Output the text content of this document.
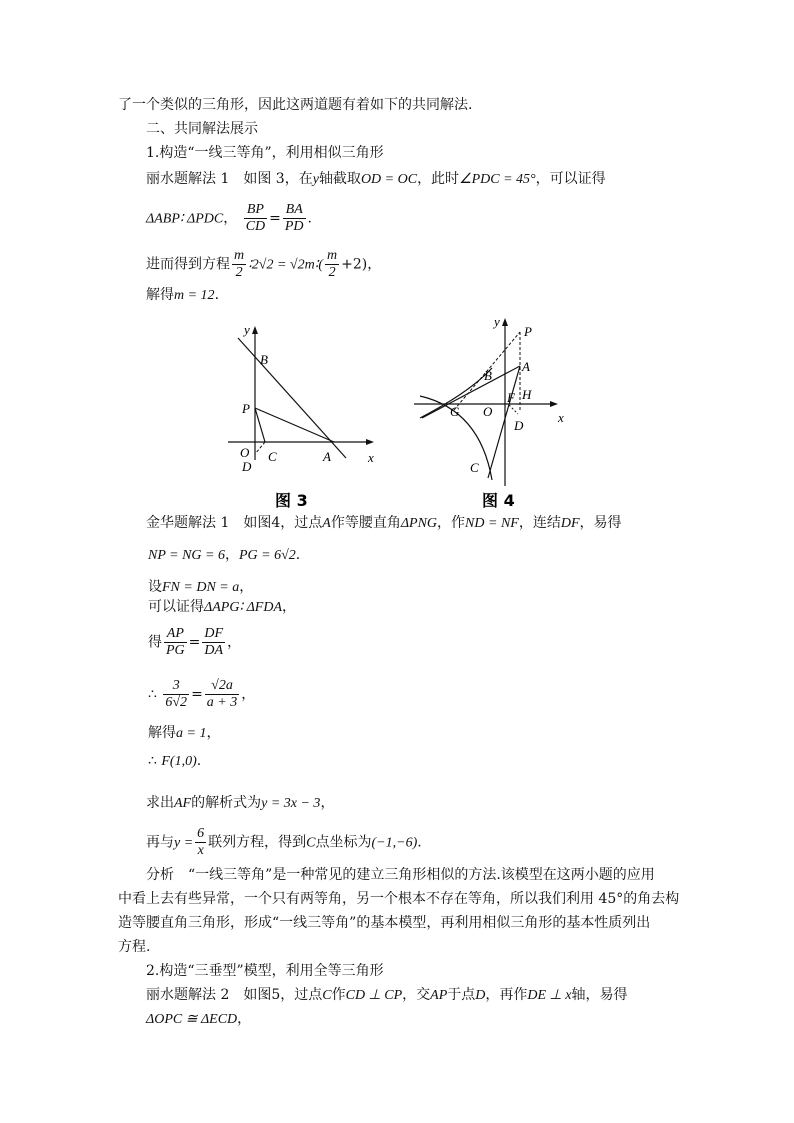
了一个类似的三角形，因此这两道题有着如下的共同解法.
二、共同解法展示
1.构造“一线三等角”，利用相似三角形
丽水题解法 1　如图 3，在y轴截取OD = OC，此时∠PDC = 45°，可以证得
ΔABP∶ ΔPDC， $\frac{BP}{CD} = \frac{BA}{PD}$ .
进而得到方程 $\frac{m}{2}$ ∶2√2 = √2m∶( $\frac{m}{2} +2$)，
解得m = 12.
y
x
B
P
O
D
C	A
图 3
y
x
P
A
B
H
G O
F
D
C
图 4
金华题解法 1　如图4，过点A作等腰直角ΔPNG，作ND = NF，连结DF，易得
NP = NG = 6，PG = 6√2.
设FN = DN = a，
可以证得ΔAPG∶ ΔFDA，
得 $\frac{AP}{PG} = \frac{DF}{DA}$ ，
∴ $\frac{3}{6√2} = \frac{√2a}{a + 3}$ ，
解得a = 1，
∴ F(1,0).
求出AF的解析式为y = 3x − 3，
再与$y = \frac{6}{x}$ 联列方程，得到C点坐标为(−1,−6).
分析　“一线三等角”是一种常见的建立三角形相似的方法.该模型在这两小题的应用
中看上去有些异常，一个只有两等角，另一个根本不存在等角，所以我们利用 45°的角去构
造等腰直角三角形，形成“一线三等角”的基本模型，再利用相似三角形的基本性质列出
方程.
2.构造“三垂型”模型，利用全等三角形
丽水题解法 2　如图5，过点C作CD ⊥ CP，交AP于点D，再作DE ⊥ x轴，易得
ΔOPC ≅ ΔECD，
